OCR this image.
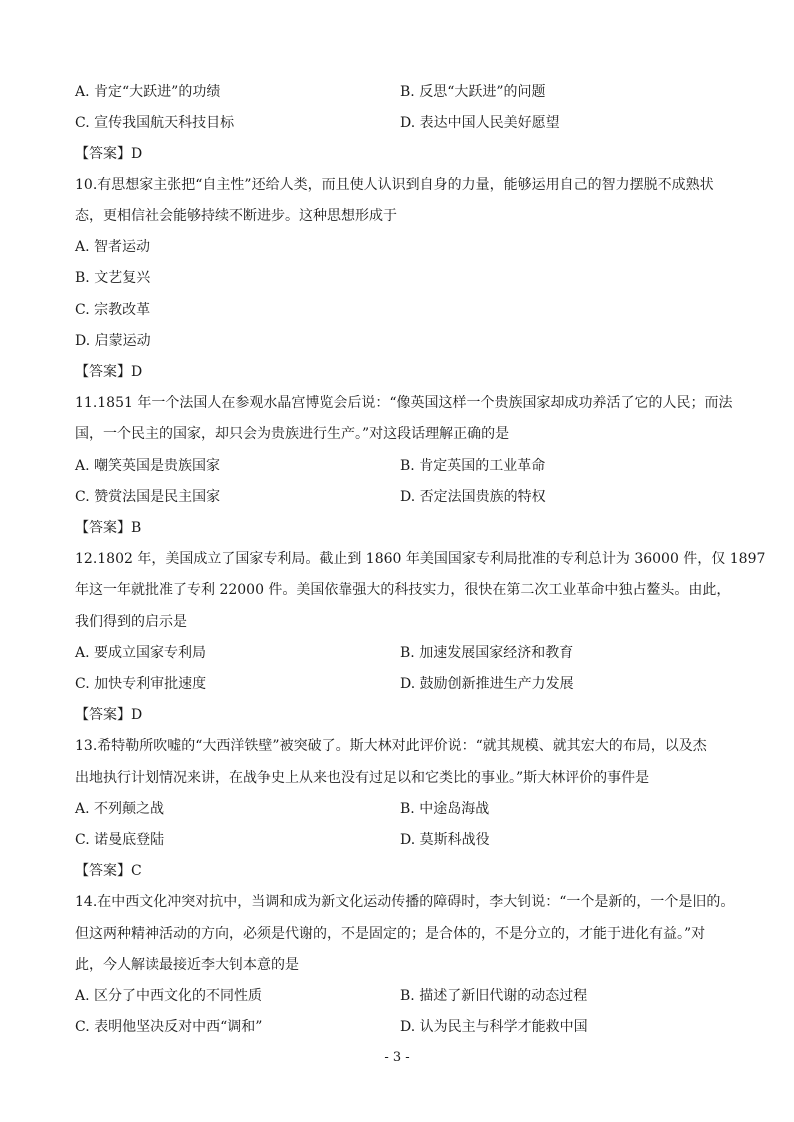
A. 肯定“大跃进”的功绩	B. 反思“大跃进”的问题
C. 宣传我国航天科技目标	D. 表达中国人民美好愿望
【答案】D
10.有思想家主张把“自主性”还给人类，而且使人认识到自身的力量，能够运用自己的智力摆脱不成熟状
态，更相信社会能够持续不断进步。这种思想形成于
A. 智者运动
B. 文艺复兴
C. 宗教改革
D. 启蒙运动
【答案】D
11.1851 年一个法国人在参观水晶宫博览会后说：“像英国这样一个贵族国家却成功养活了它的人民；而法
国，一个民主的国家，却只会为贵族进行生产。”对这段话理解正确的是
A. 嘲笑英国是贵族国家	B. 肯定英国的工业革命
C. 赞赏法国是民主国家	D. 否定法国贵族的特权
【答案】B
12.1802 年，美国成立了国家专利局。截止到 1860 年美国国家专利局批准的专利总计为 36000 件，仅 1897
年这一年就批准了专利 22000 件。美国依靠强大的科技实力，很快在第二次工业革命中独占鳌头。由此，
我们得到的启示是
A. 要成立国家专利局	B. 加速发展国家经济和教育
C. 加快专利审批速度	D. 鼓励创新推进生产力发展
【答案】D
13.希特勒所吹嘘的“大西洋铁壁”被突破了。斯大林对此评价说：“就其规模、就其宏大的布局，以及杰
出地执行计划情况来讲，在战争史上从来也没有过足以和它类比的事业。”斯大林评价的事件是
A. 不列颠之战	B. 中途岛海战
C. 诺曼底登陆	D. 莫斯科战役
【答案】C
14.在中西文化冲突对抗中，当调和成为新文化运动传播的障碍时，李大钊说：“一个是新的，一个是旧的。
但这两种精神活动的方向，必须是代谢的，不是固定的；是合体的，不是分立的，才能于进化有益。”对
此，今人解读最接近李大钊本意的是
A. 区分了中西文化的不同性质	B. 描述了新旧代谢的动态过程
C. 表明他坚决反对中西“调和”	D. 认为民主与科学才能救中国
- 3 -
